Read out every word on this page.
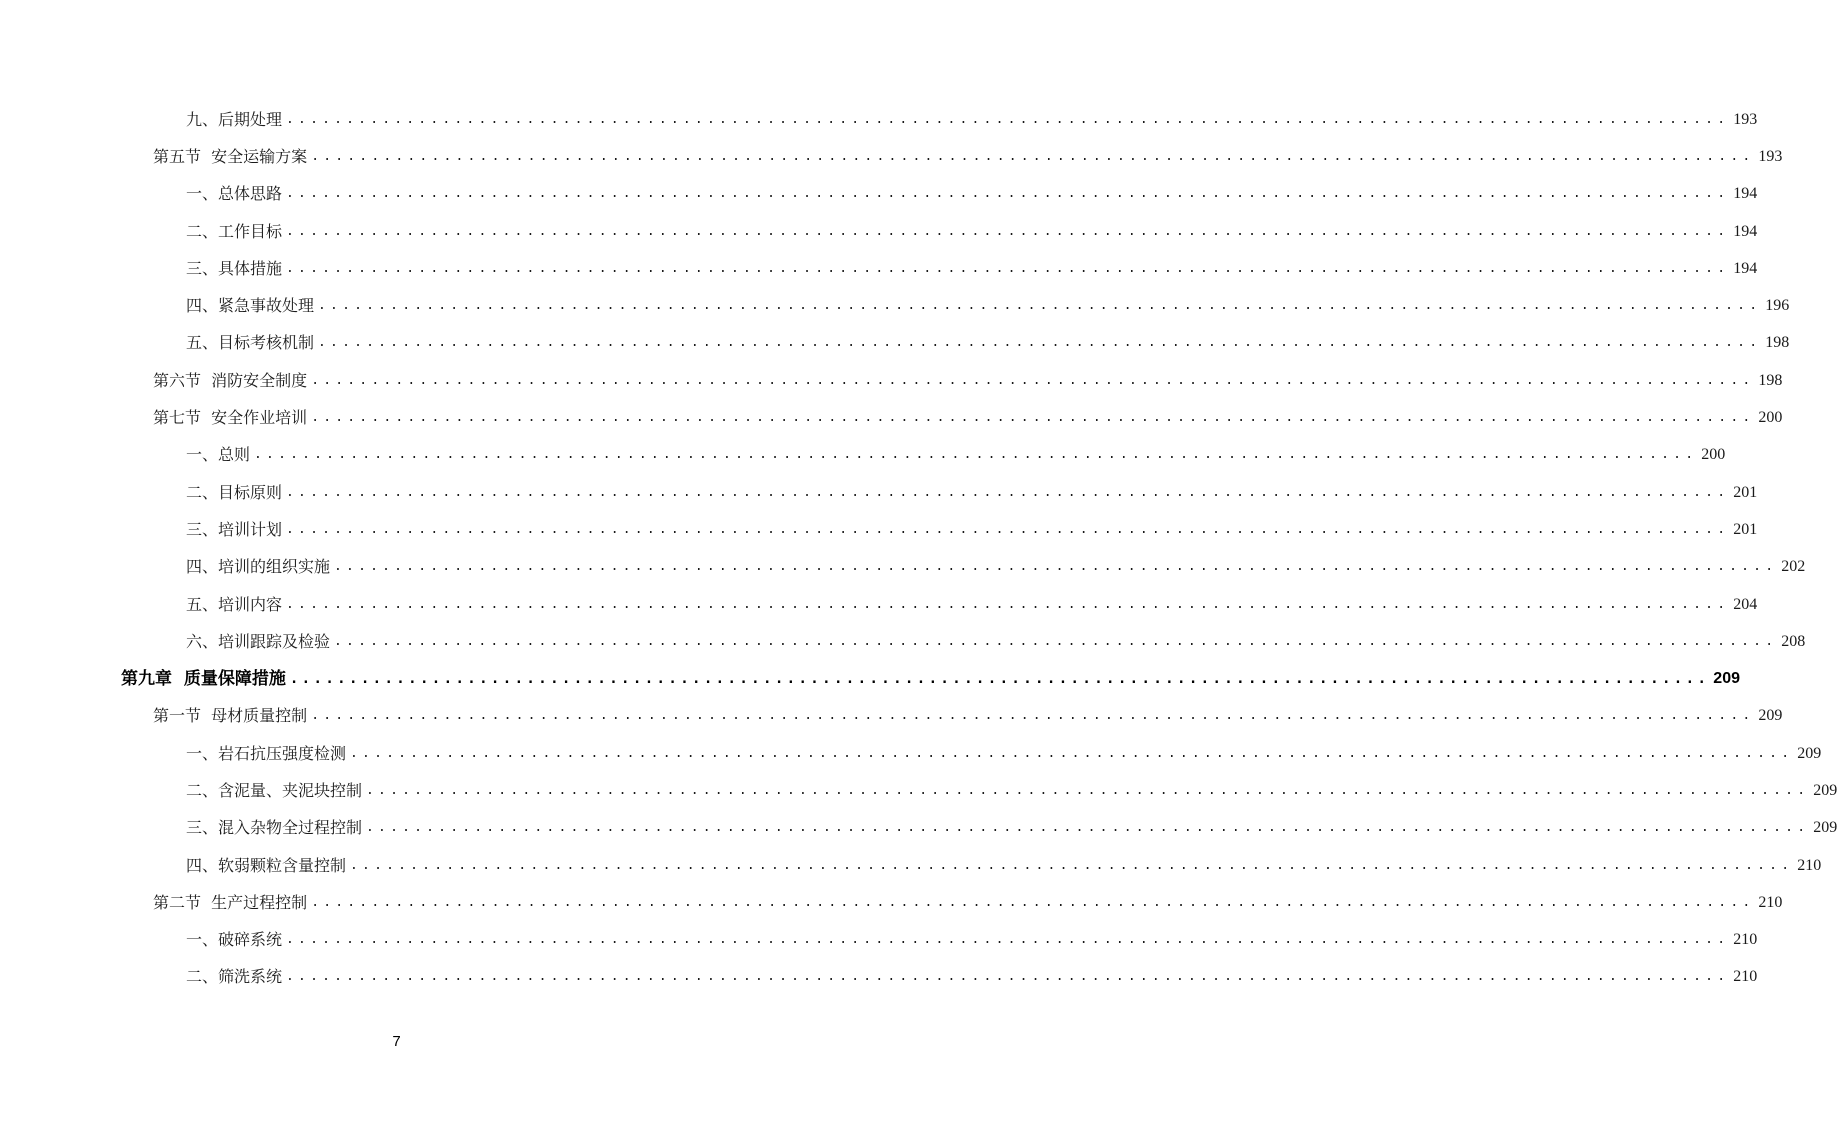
九、后期处理 ........................................................................................................................ 193
第五节  安全运输方案 ........................................................................................................................ 193
一、总体思路 ........................................................................................................................ 194
二、工作目标 ........................................................................................................................ 194
三、具体措施 ........................................................................................................................ 194
四、紧急事故处理 ........................................................................................................................ 196
五、目标考核机制 ........................................................................................................................ 198
第六节  消防安全制度 ........................................................................................................................ 198
第七节  安全作业培训 ........................................................................................................................ 200
一、总则 ........................................................................................................................ 200
二、目标原则 ........................................................................................................................ 201
三、培训计划 ........................................................................................................................ 201
四、培训的组织实施 ........................................................................................................................ 202
五、培训内容 ........................................................................................................................ 204
六、培训跟踪及检验 ........................................................................................................................ 208
第九章  质量保障措施 ........................................................................................................................ 209
第一节  母材质量控制 ........................................................................................................................ 209
一、岩石抗压强度检测 ........................................................................................................................ 209
二、含泥量、夹泥块控制 ........................................................................................................................ 209
三、混入杂物全过程控制 ........................................................................................................................ 209
四、软弱颗粒含量控制 ........................................................................................................................ 210
第二节  生产过程控制 ........................................................................................................................ 210
一、破碎系统 ........................................................................................................................ 210
二、筛洗系统 ........................................................................................................................ 210
7
